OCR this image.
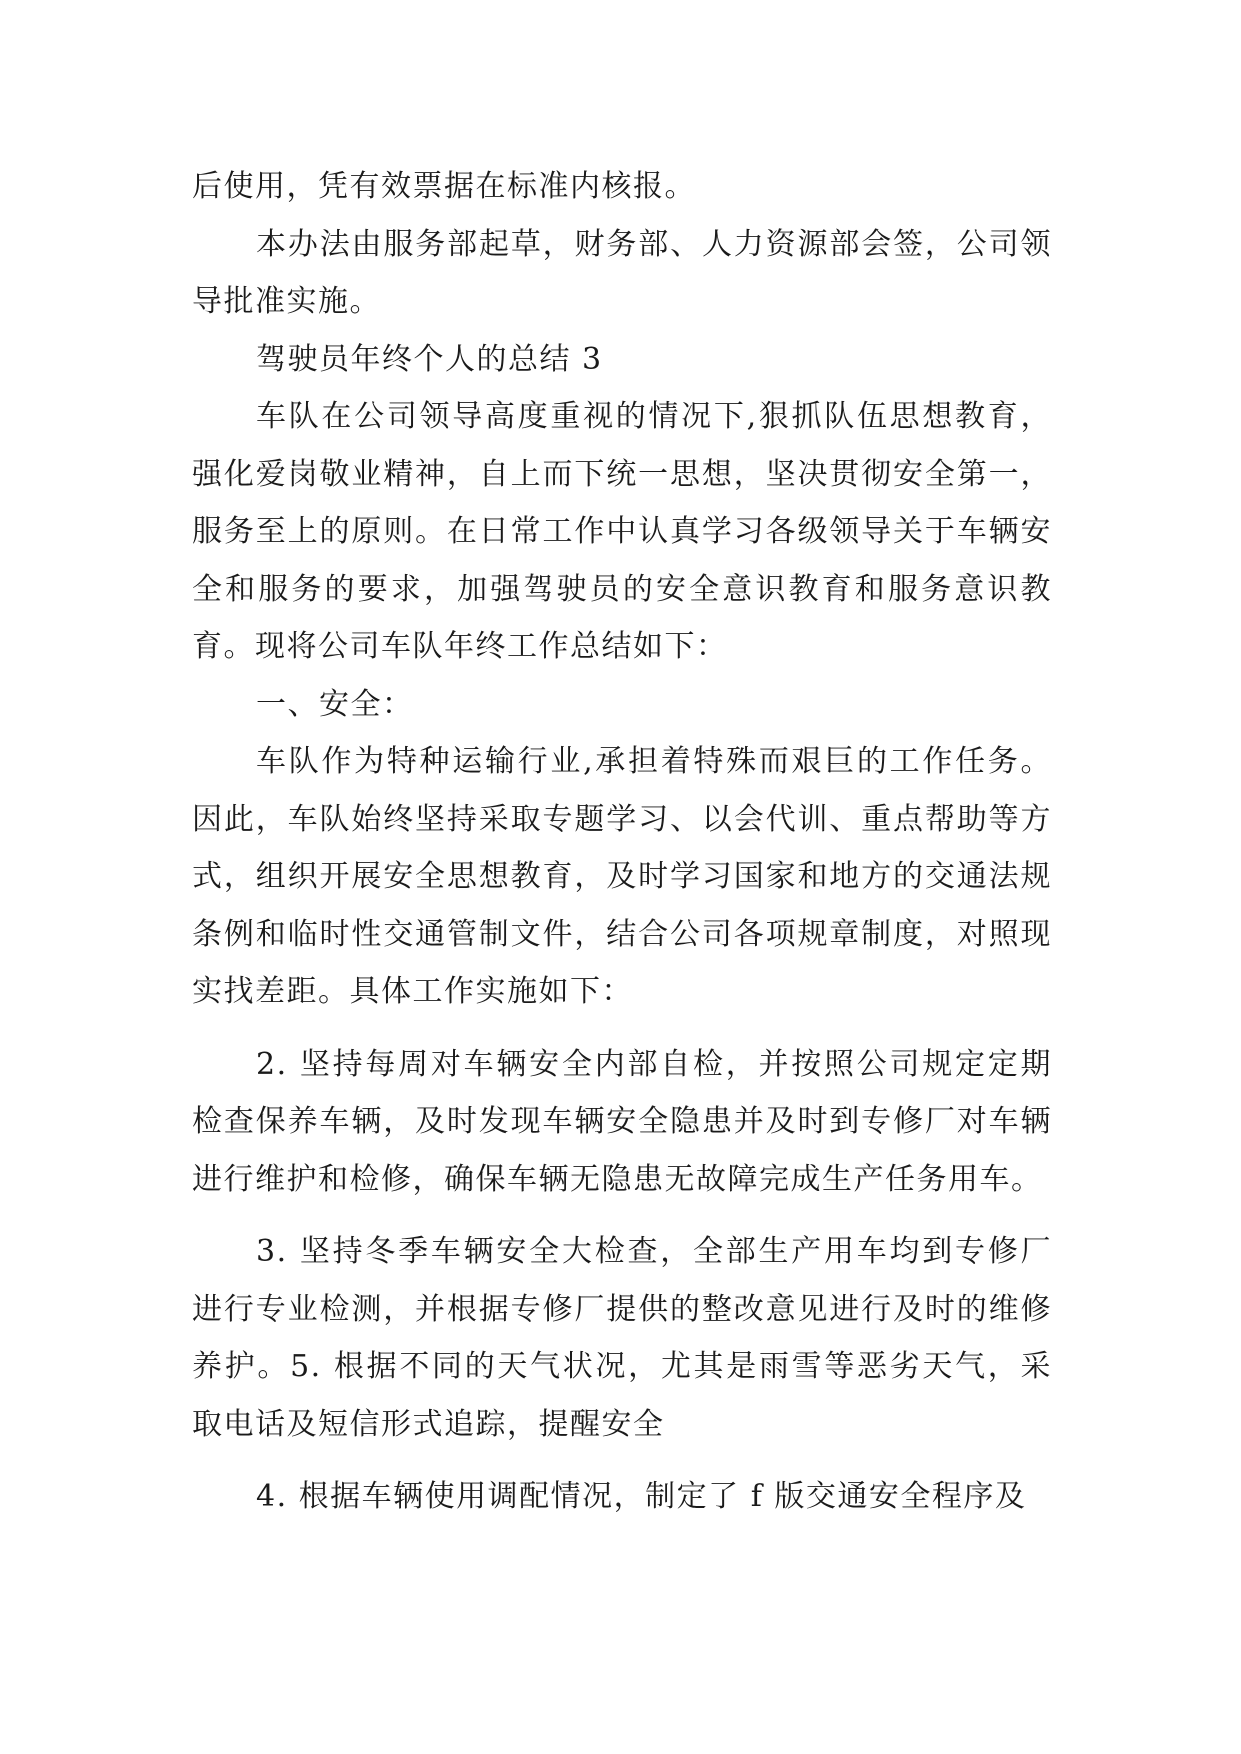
后使用，凭有效票据在标准内核报。

本办法由服务部起草，财务部、人力资源部会签，公司领导批准实施。

驾驶员年终个人的总结 3

车队在公司领导高度重视的情况下,狠抓队伍思想教育，强化爱岗敬业精神，自上而下统一思想，坚决贯彻安全第一，服务至上的原则。在日常工作中认真学习各级领导关于车辆安全和服务的要求，加强驾驶员的安全意识教育和服务意识教育。现将公司车队年终工作总结如下：

一、安全：

车队作为特种运输行业,承担着特殊而艰巨的工作任务。因此，车队始终坚持采取专题学习、以会代训、重点帮助等方式，组织开展安全思想教育，及时学习国家和地方的交通法规条例和临时性交通管制文件，结合公司各项规章制度，对照现实找差距。具体工作实施如下：

2. 坚持每周对车辆安全内部自检，并按照公司规定定期检查保养车辆，及时发现车辆安全隐患并及时到专修厂对车辆进行维护和检修，确保车辆无隐患无故障完成生产任务用车。

3. 坚持冬季车辆安全大检查，全部生产用车均到专修厂进行专业检测，并根据专修厂提供的整改意见进行及时的维修养护。5. 根据不同的天气状况，尤其是雨雪等恶劣天气，采取电话及短信形式追踪，提醒安全

4. 根据车辆使用调配情况，制定了 f 版交通安全程序及
